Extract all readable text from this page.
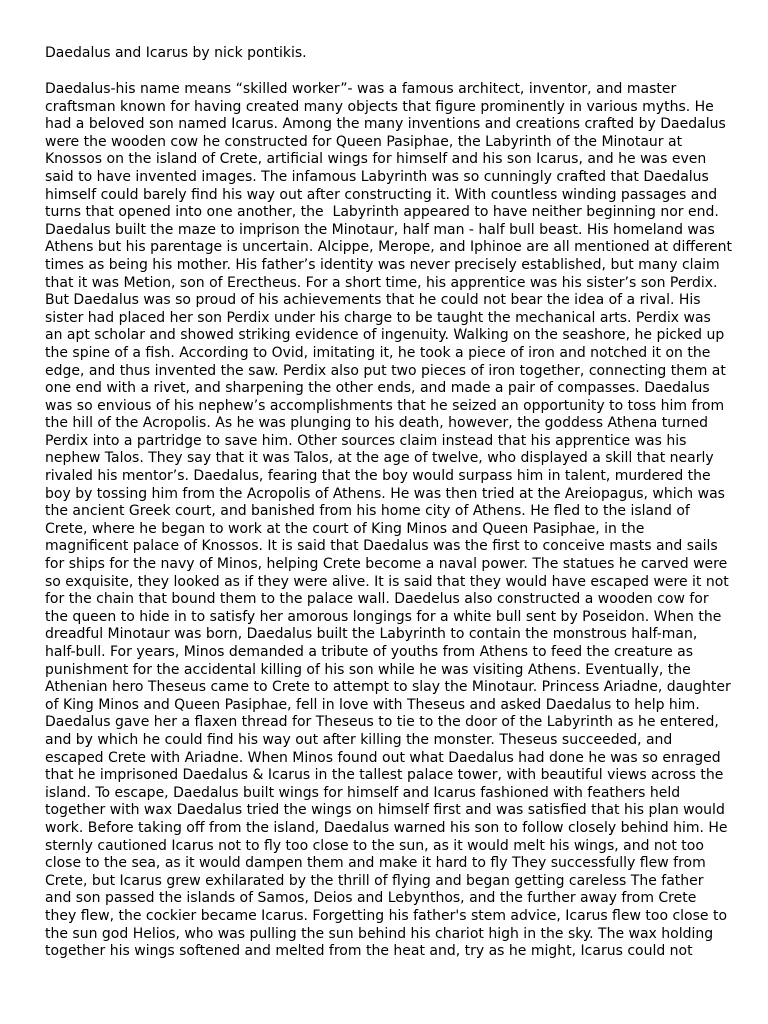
Daedalus and Icarus by nick pontikis.
Daedalus-his name means “skilled worker”- was a famous architect, inventor, and master
craftsman known for having created many objects that figure prominently in various myths. He
had a beloved son named Icarus. Among the many inventions and creations crafted by Daedalus
were the wooden cow he constructed for Queen Pasiphae, the Labyrinth of the Minotaur at
Knossos on the island of Crete, artificial wings for himself and his son Icarus, and he was even
said to have invented images. The infamous Labyrinth was so cunningly crafted that Daedalus
himself could barely find his way out after constructing it. With countless winding passages and
turns that opened into one another, the  Labyrinth appeared to have neither beginning nor end.
Daedalus built the maze to imprison the Minotaur, half man - half bull beast. His homeland was
Athens but his parentage is uncertain. Alcippe, Merope, and Iphinoe are all mentioned at different
times as being his mother. His father’s identity was never precisely established, but many claim
that it was Metion, son of Erectheus. For a short time, his apprentice was his sister’s son Perdix.
But Daedalus was so proud of his achievements that he could not bear the idea of a rival. His
sister had placed her son Perdix under his charge to be taught the mechanical arts. Perdix was
an apt scholar and showed striking evidence of ingenuity. Walking on the seashore, he picked up
the spine of a fish. According to Ovid, imitating it, he took a piece of iron and notched it on the
edge, and thus invented the saw. Perdix also put two pieces of iron together, connecting them at
one end with a rivet, and sharpening the other ends, and made a pair of compasses. Daedalus
was so envious of his nephew’s accomplishments that he seized an opportunity to toss him from
the hill of the Acropolis. As he was plunging to his death, however, the goddess Athena turned
Perdix into a partridge to save him. Other sources claim instead that his apprentice was his
nephew Talos. They say that it was Talos, at the age of twelve, who displayed a skill that nearly
rivaled his mentor’s. Daedalus, fearing that the boy would surpass him in talent, murdered the
boy by tossing him from the Acropolis of Athens. He was then tried at the Areiopagus, which was
the ancient Greek court, and banished from his home city of Athens. He fled to the island of
Crete, where he began to work at the court of King Minos and Queen Pasiphae, in the
magnificent palace of Knossos. It is said that Daedalus was the first to conceive masts and sails
for ships for the navy of Minos, helping Crete become a naval power. The statues he carved were
so exquisite, they looked as if they were alive. It is said that they would have escaped were it not
for the chain that bound them to the palace wall. Daedelus also constructed a wooden cow for
the queen to hide in to satisfy her amorous longings for a white bull sent by Poseidon. When the
dreadful Minotaur was born, Daedalus built the Labyrinth to contain the monstrous half-man,
half-bull. For years, Minos demanded a tribute of youths from Athens to feed the creature as
punishment for the accidental killing of his son while he was visiting Athens. Eventually, the
Athenian hero Theseus came to Crete to attempt to slay the Minotaur. Princess Ariadne, daughter
of King Minos and Queen Pasiphae, fell in love with Theseus and asked Daedalus to help him.
Daedalus gave her a flaxen thread for Theseus to tie to the door of the Labyrinth as he entered,
and by which he could find his way out after killing the monster. Theseus succeeded, and
escaped Crete with Ariadne. When Minos found out what Daedalus had done he was so enraged
that he imprisoned Daedalus & Icarus in the tallest palace tower, with beautiful views across the
island. To escape, Daedalus built wings for himself and Icarus fashioned with feathers held
together with wax Daedalus tried the wings on himself first and was satisfied that his plan would
work. Before taking off from the island, Daedalus warned his son to follow closely behind him. He
sternly cautioned Icarus not to fly too close to the sun, as it would melt his wings, and not too
close to the sea, as it would dampen them and make it hard to fly They successfully flew from
Crete, but Icarus grew exhilarated by the thrill of flying and began getting careless The father
and son passed the islands of Samos, Deios and Lebynthos, and the further away from Crete
they flew, the cockier became Icarus. Forgetting his father's stem advice, Icarus flew too close to
the sun god Helios, who was pulling the sun behind his chariot high in the sky. The wax holding
together his wings softened and melted from the heat and, try as he might, Icarus could not
